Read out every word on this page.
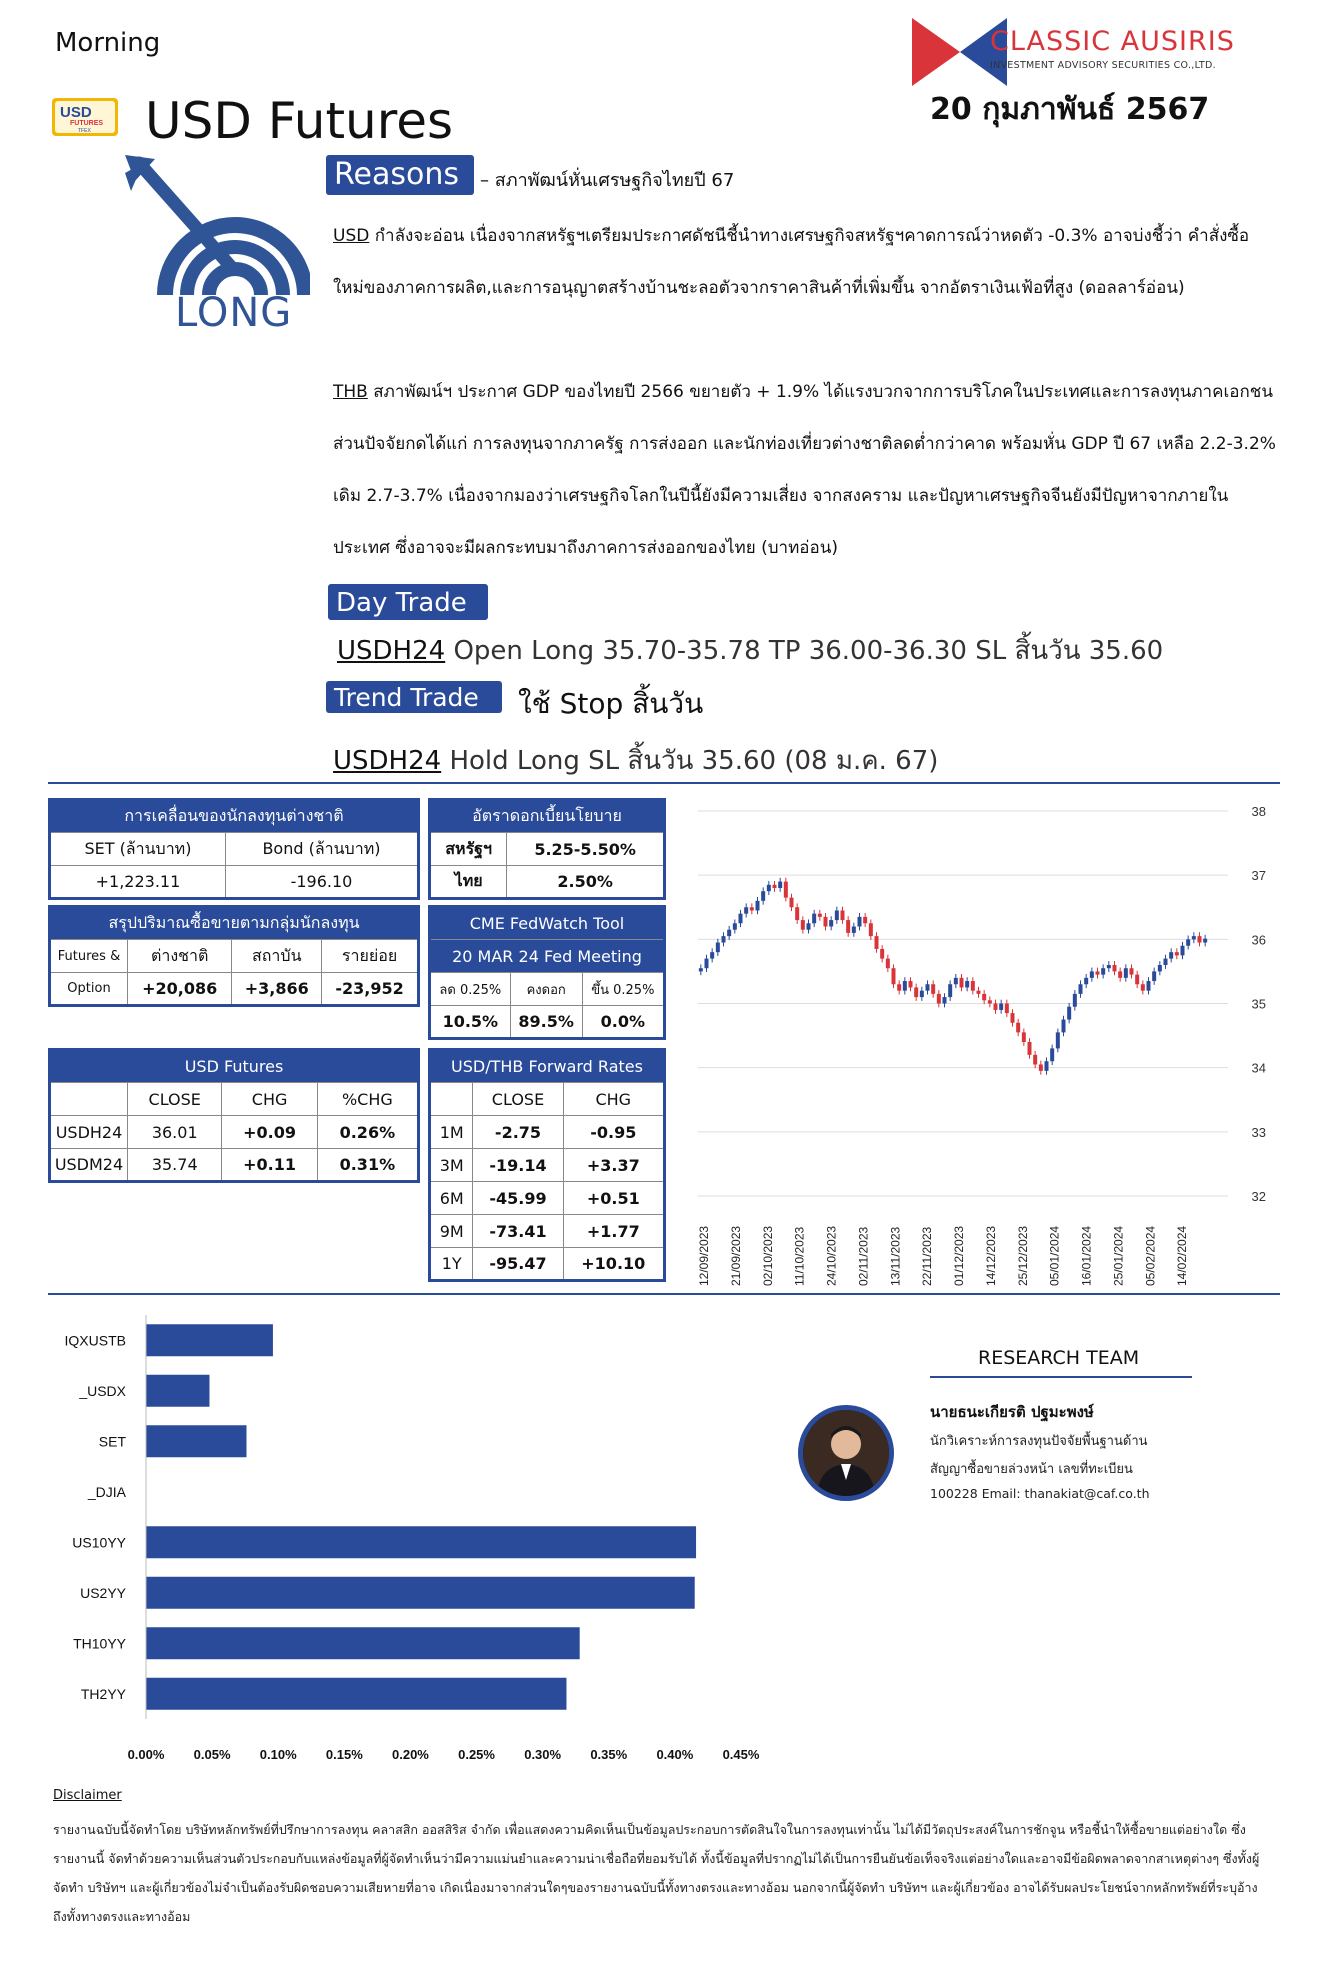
Morning	CLASSIC AUSIRIS
INVESTMENT ADVISORY SECURITIES CO.,LTD.
20 กุมภาพันธ์ 2567
USD
FUTURES
TFEX USD Futures
LONG
Reasons	– สภาพัฒน์หั่นเศรษฐกิจไทยปี 67
USD กำลังจะอ่อน เนื่องจากสหรัฐฯเตรียมประกาศดัชนีชี้นำทางเศรษฐกิจสหรัฐฯคาดการณ์ว่าหดตัว -0.3% อาจบ่งชี้ว่า คำสั่งซื้อใหม่ของภาคการผลิต,และการอนุญาตสร้างบ้านชะลอตัวจากราคาสินค้าที่เพิ่มขึ้น จากอัตราเงินเฟ้อที่สูง (ดอลลาร์อ่อน)
THB สภาพัฒน์ฯ ประกาศ GDP ของไทยปี 2566 ขยายตัว + 1.9% ได้แรงบวกจากการบริโภคในประเทศและการลงทุนภาคเอกชน ส่วนปัจจัยกดได้แก่ การลงทุนจากภาครัฐ การส่งออก และนักท่องเที่ยวต่างชาติลดต่ำกว่าคาด พร้อมหั่น GDP ปี 67 เหลือ 2.2-3.2% เดิม 2.7-3.7% เนื่องจากมองว่าเศรษฐกิจโลกในปีนี้ยังมีความเสี่ยง จากสงคราม และปัญหาเศรษฐกิจจีนยังมีปัญหาจากภายในประเทศ ซึ่งอาจจะมีผลกระทบมาถึงภาคการส่งออกของไทย (บาทอ่อน)
Day Trade
USDH24 Open Long 35.70-35.78 TP 36.00-36.30 SL สิ้นวัน 35.60
Trend Trade	ใช้ Stop สิ้นวัน
USDH24 Hold Long SL สิ้นวัน 35.60 (08 ม.ค. 67)
การเคลื่อนของนักลงทุนต่างชาติ	
SET (ล้านบาท)	Bond (ล้านบาท)
+1,223.11	-196.10
สรุปปริมาณซื้อขายตามกลุ่มนักลงทุน			
Futures &	ต่างชาติ	สถาบัน	รายย่อย
Option	+20,086	+3,866	-23,952
อัตราดอกเบี้ยนโยบาย	
สหรัฐฯ	5.25-5.50%
ไทย	2.50%
CME FedWatch Tool		
20 MAR 24 Fed Meeting		
ลด 0.25%	คงดอก	ขึ้น 0.25%
10.5%	89.5%	0.0%
USD Futures			
	CLOSE	CHG	%CHG
USDH24	36.01	+0.09	0.26%
USDM24	35.74	+0.11	0.31%
USD/THB Forward Rates		
	CLOSE	CHG
1M	-2.75	-0.95
3M	-19.14	+3.37
6M	-45.99	+0.51
9M	-73.41	+1.77
1Y	-95.47	+10.10
38
37
36
35
34
33
32
12/09/2023 21/09/2023 02/10/2023 11/10/2023 24/10/2023 02/11/2023 13/11/2023 22/11/2023 01/12/2023 14/12/2023 25/12/2023 05/01/2024 16/01/2024 25/01/2024 05/02/2024 14/02/2024
IQXUSTB
_USDX
SET
_DJIA
US10YY
US2YY
TH10YY
TH2YY
0.00% 0.05% 0.10% 0.15% 0.20% 0.25% 0.30% 0.35% 0.40% 0.45%
RESEARCH TEAM
นายธนะเกียรติ ปฐมะพงษ์
นักวิเคราะห์การลงทุนปัจจัยพื้นฐานด้าน
สัญญาซื้อขายล่วงหน้า เลขที่ทะเบียน
100228 Email: thanakiat@caf.co.th
Disclaimer
รายงานฉบับนี้จัดทำโดย บริษัทหลักทรัพย์ที่ปรึกษาการลงทุน คลาสสิก ออสสิริส จำกัด เพื่อแสดงความคิดเห็นเป็นข้อมูลประกอบการตัดสินใจในการลงทุนเท่านั้น ไม่ได้มีวัตถุประสงค์ในการชักจูน หรือชี้นำให้ซื้อขายแต่อย่างใด ซึ่งรายงานนี้ จัดทำด้วยความเห็นส่วนตัวประกอบกับแหล่งข้อมูลที่ผู้จัดทำเห็นว่ามีความแม่นยำและความน่าเชื่อถือที่ยอมรับได้ ทั้งนี้ข้อมูลที่ปรากฏไม่ได้เป็นการยืนยันข้อเท็จจริงแต่อย่างใดและอาจมีข้อผิดพลาดจากสาเหตุต่างๆ ซึ่งทั้งผู้จัดทำ บริษัทฯ และผู้เกี่ยวข้องไม่จำเป็นต้องรับผิดชอบความเสียหายที่อาจ เกิดเนื่องมาจากส่วนใดๆของรายงานฉบับนี้ทั้งทางตรงและทางอ้อม นอกจากนี้ผู้จัดทำ บริษัทฯ และผู้เกี่ยวข้อง อาจได้รับผลประโยชน์จากหลักทรัพย์ที่ระบุอ้างถึงทั้งทางตรงและทางอ้อม
